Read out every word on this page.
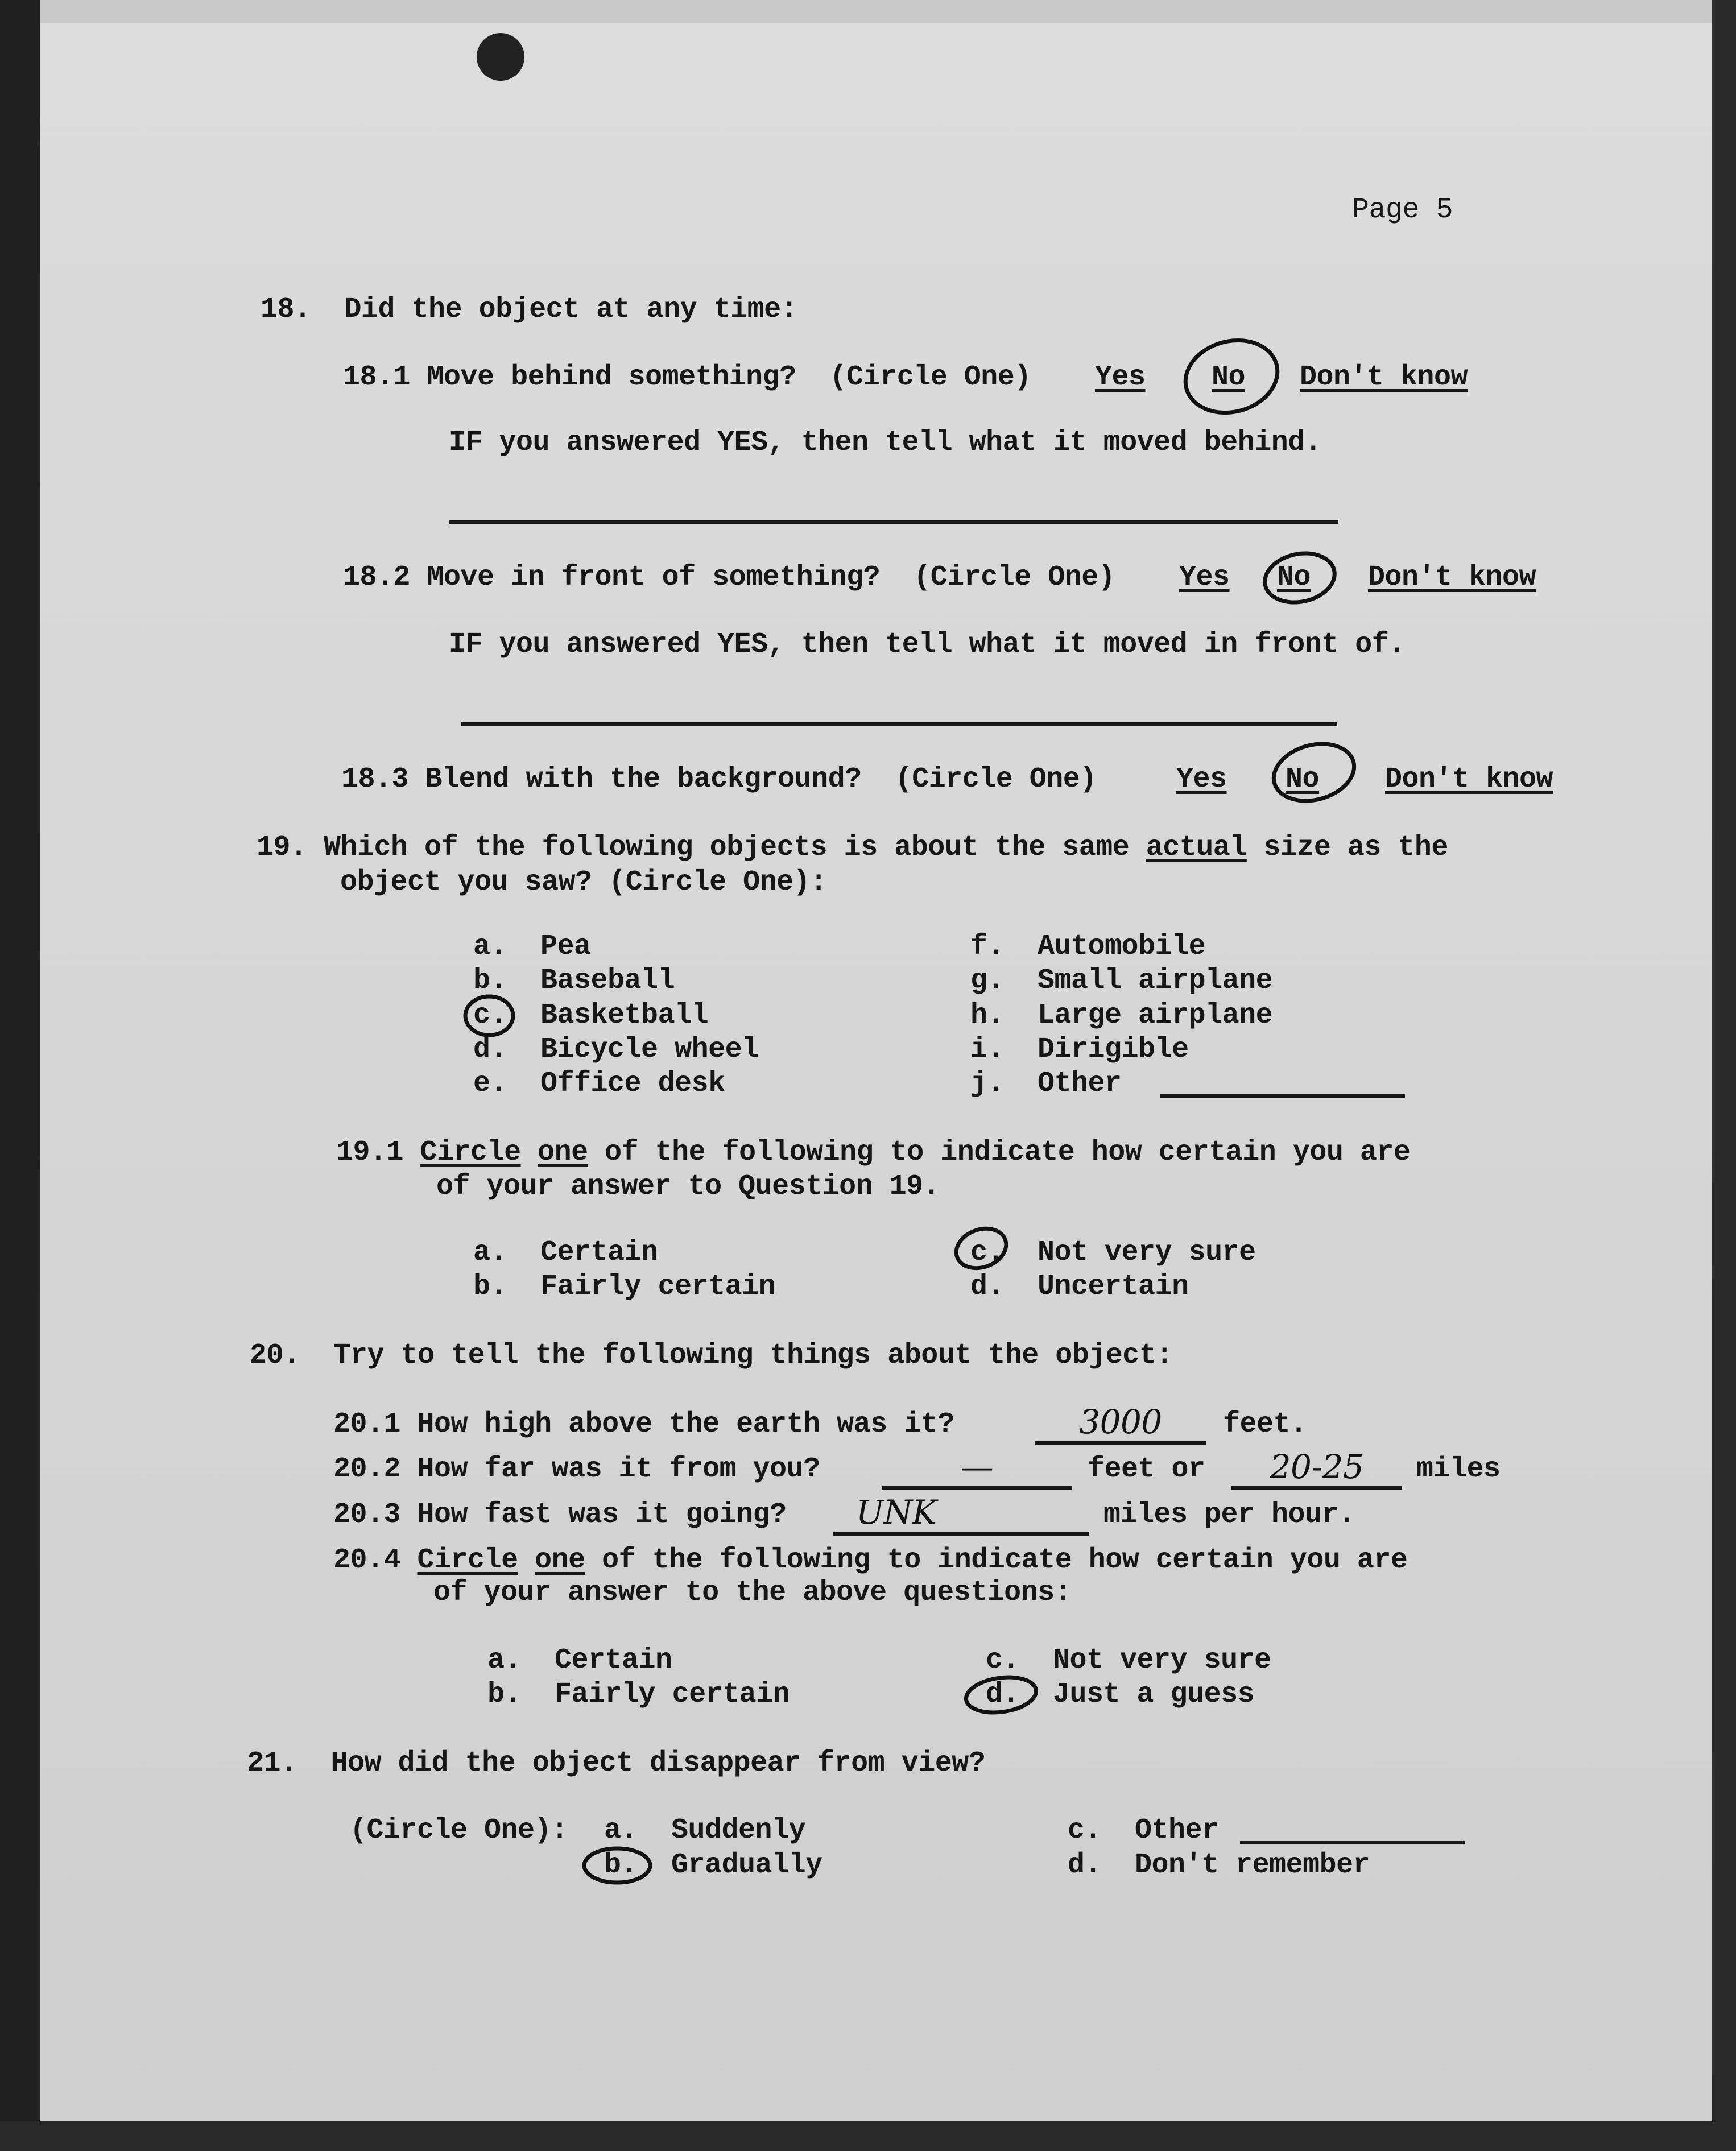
Page 5
18. Did the object at any time:
18.1 Move behind something? (Circle One) Yes No Don't know
IF you answered YES, then tell what it moved behind.
18.2 Move in front of something? (Circle One) Yes No Don't know
IF you answered YES, then tell what it moved in front of.
18.3 Blend with the background? (Circle One)	Yes No Don't know
19. Which of the following objects is about the same actual size as the
object you saw? (Circle One):
a. Pea
b. Baseball
c. Basketball
d. Bicycle wheel
e. Office desk
f. Automobile
g. Small airplane
h. Large airplane
i. Dirigible
j. Other
19.1 Circle one of the following to indicate how certain you are
of your answer to Question 19.
a. Certain
b. Fairly certain
c. Not very sure
d. Uncertain
20. Try to tell the following things about the object:
20.1 How high above the earth was it?	3000	feet.
20.2 How far was it from you?	—	feet or	20-25	miles
20.3 How fast was it going?	UNK	miles per hour.
20.4 Circle one of the following to indicate how certain you are
of your answer to the above questions:
a. Certain
b. Fairly certain
c. Not very sure
d. Just a guess
21. How did the object disappear from view?
(Circle One): a. Suddenly
b. Gradually
c. Other
d. Don't remember
